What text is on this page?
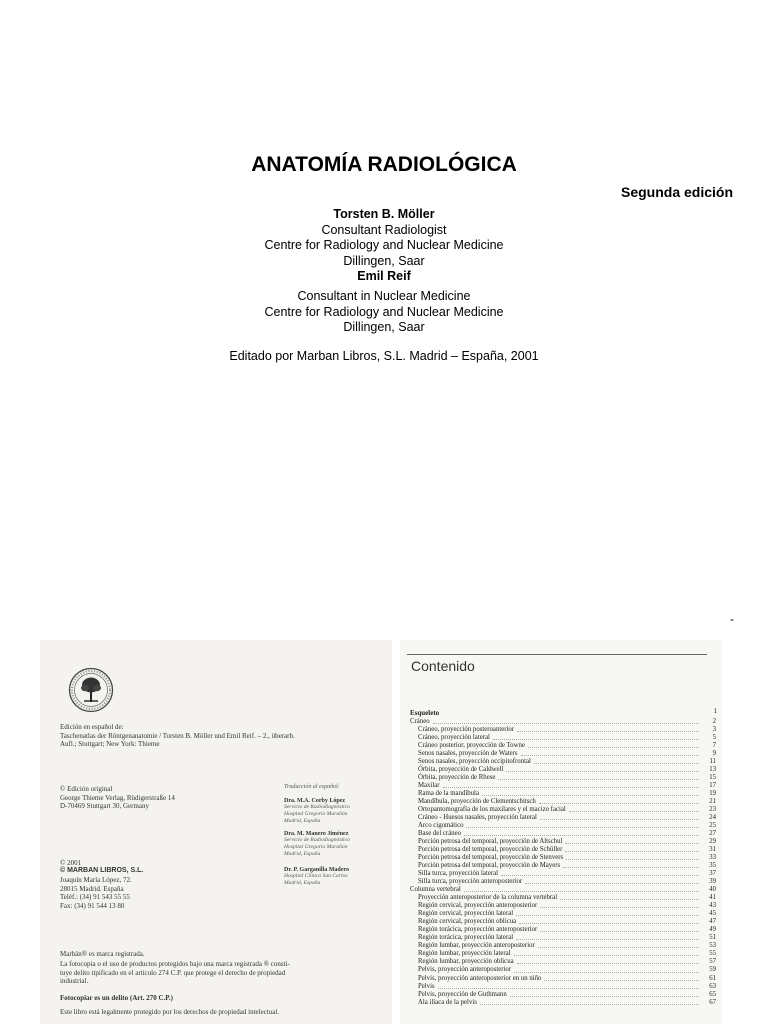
ANATOMÍA RADIOLÓGICA
Segunda edición
Torsten B. Möller
Consultant Radiologist
Centre for Radiology and Nuclear Medicine
Dillingen, Saar
Emil Reif
Consultant in Nuclear Medicine
Centre for Radiology and Nuclear Medicine
Dillingen, Saar
Editado por Marban Libros, S.L. Madrid – España, 2001
-
Edición en español de:
Taschenatlas der Röntgenanatomie / Torsten B. Möller und Emil Reif. – 2., überarb.
Aufl.; Stuttgart; New York: Thieme
© Edición original
George Thieme Verlag, Rüdigerstraße 14
D-70469 Stuttgart 30, Germany
Traducción al español:
Dra. M.A. Corby López
Servicio de Radiodiagnóstico
Hospital Gregorio Marañón
Madrid, España
Dra. M. Manero Jiménez
Servicio de Radiodiagnóstico
Hospital Gregorio Marañón
Madrid, España
Dr. P. Garganilla Madero
Hospital Clínico San Carlos
Madrid, España
© 2001
© MARBAN LIBROS, S.L.
Joaquín María López, 72.
28015 Madrid. España
Teléf.: (34) 91 543 55 55
Fax: (34) 91 544 13 80
Marbán® es marca registrada.
La fotocopia o el uso de productos protegidos bajo una marca registrada ® consti-
tuye delito tipificado en el artículo 274 C.P. que protege el derecho de propiedad
industrial.
Fotocopiar es un delito (Art. 270 C.P.)
Este libro está legalmente protegido por los derechos de propiedad intelectual.
Contenido
Esqueleto	1
Cráneo	2
Cráneo, proyección posteroanterior	3
Cráneo, proyección lateral	5
Cráneo posterior, proyección de Towne	7
Senos nasales, proyección de Waters	9
Senos nasales, proyección occipitofrontal	11
Órbita, proyección de Caldwell	13
Órbita, proyección de Rhese	15
Maxilar	17
Rama de la mandíbula	19
Mandíbula, proyección de Clementschitsch	21
Ortopantomografía de los maxilares y el macizo facial	23
Cráneo - Huesos nasales, proyección lateral	24
Arco cigomático	25
Base del cráneo	27
Porción petrosa del temporal, proyección de Altschul	29
Porción petrosa del temporal, proyección de Schüller	31
Porción petrosa del temporal, proyección de Stenvers	33
Porción petrosa del temporal, proyección de Mayers	35
Silla turca, proyección lateral	37
Silla turca, proyección anteroposterior	39
Columna vertebral	40
Proyección anteroposterior de la columna vertebral	41
Región cervical, proyección anteroposterior	43
Región cervical, proyección lateral	45
Región cervical, proyección oblicua	47
Región torácica, proyección anteroposterior	49
Región torácica, proyección lateral	51
Región lumbar, proyección anteroposterior	53
Región lumbar, proyección lateral	55
Región lumbar, proyección oblicua	57
Pelvis, proyección anteroposterior	59
Pelvis, proyección anteroposterior en un niño	61
Pelvis	63
Pelvis, proyección de Guthmann	65
Ala ilíaca de la pelvis	67
